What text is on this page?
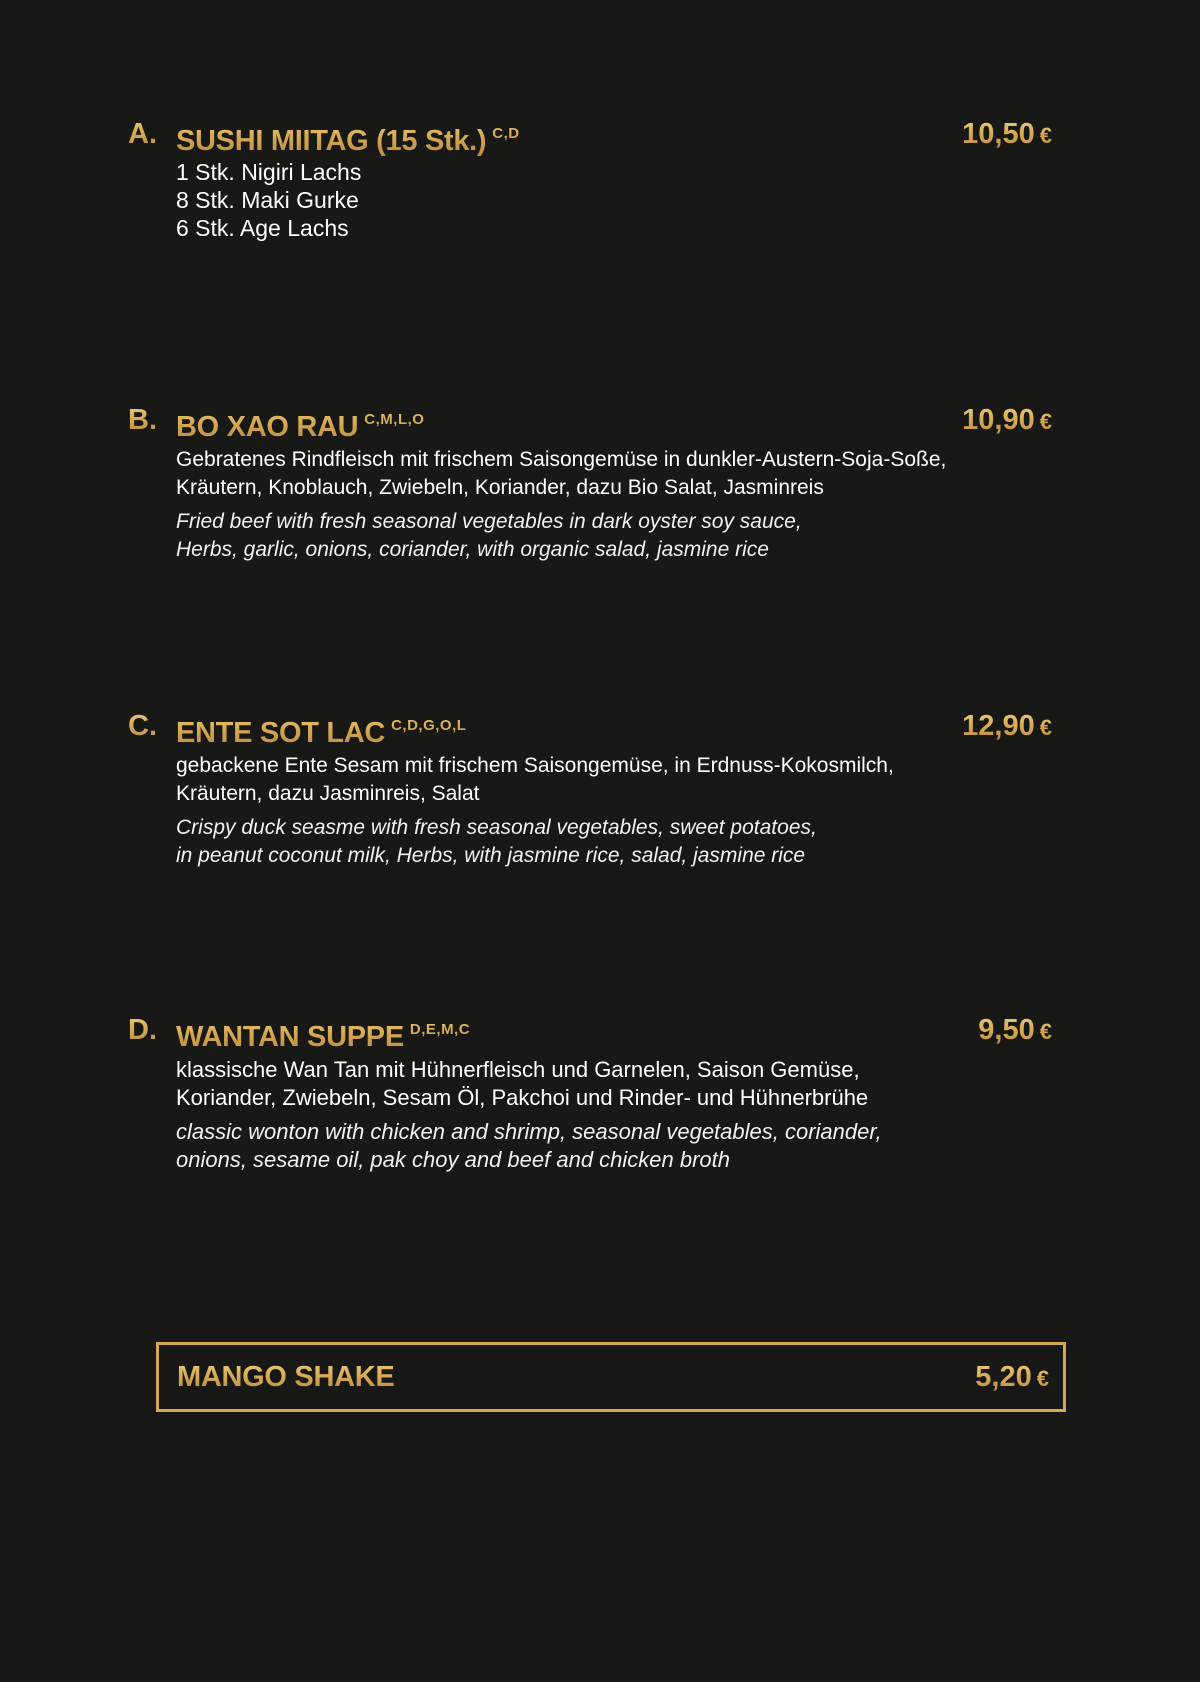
A. SUSHI MIITAG (15 Stk.) $^{C,D}$	10,50 €
1 Stk. Nigiri Lachs
8 Stk. Maki Gurke
6 Stk. Age Lachs
B. BO XAO RAU $^{C,M,L,O}$	10,90 €
Gebratenes Rindfleisch mit frischem Saisongemüse in dunkler-Austern-Soja-Soße,
Kräutern, Knoblauch, Zwiebeln, Koriander, dazu Bio Salat, Jasminreis
Fried beef with fresh seasonal vegetables in dark oyster soy sauce,
Herbs, garlic, onions, coriander, with organic salad, jasmine rice
C. ENTE SOT LAC $^{C,D,G,O,L}$	12,90 €
gebackene Ente Sesam mit frischem Saisongemüse, in Erdnuss-Kokosmilch,
Kräutern, dazu Jasminreis, Salat
Crispy duck seasme with fresh seasonal vegetables, sweet potatoes,
in peanut coconut milk, Herbs, with jasmine rice, salad, jasmine rice
D. WANTAN SUPPE $^{D,E,M,C}$	9,50 €
klassische Wan Tan mit Hühnerfleisch und Garnelen, Saison Gemüse,
Koriander, Zwiebeln, Sesam Öl, Pakchoi und Rinder- und Hühnerbrühe
classic wonton with chicken and shrimp, seasonal vegetables, coriander,
onions, sesame oil, pak choy and beef and chicken broth
MANGO SHAKE	5,20 €
